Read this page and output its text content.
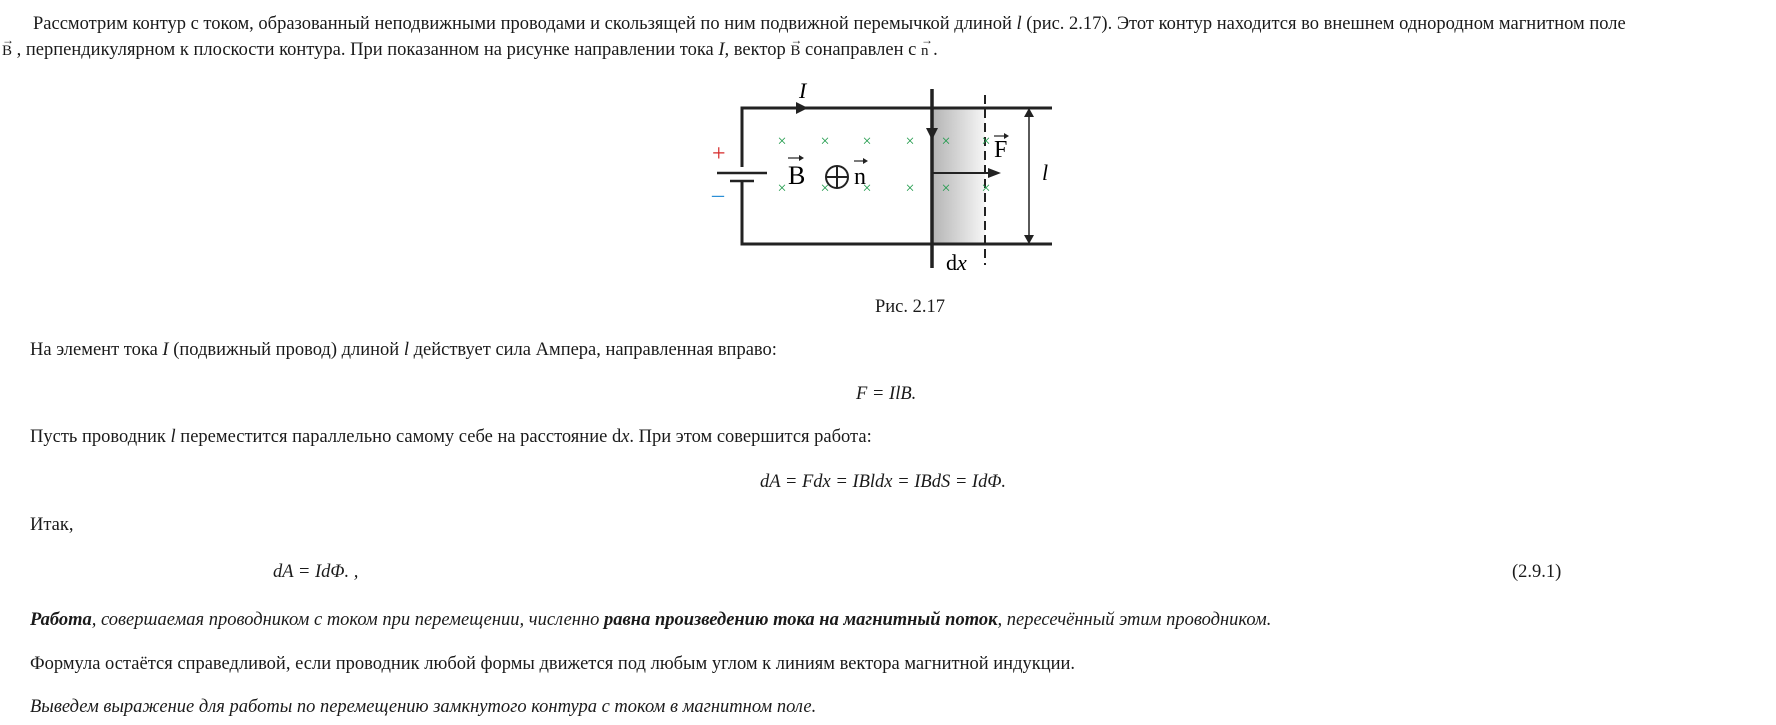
Рассмотрим контур с током, образованный неподвижными проводами и скользящей по ним подвижной перемычкой длиной l (рис. 2.17). Этот контур находится во внешнем однородном магнитном поле
→ B , перпендикулярном к плоскости контура. При показанном на рисунке направлении тока I, вектор → B сонаправлен с → n .
+
–
I
F
l
B n
× × × × × ×
× × × × × ×
dx
Рис. 2.17
На элемент тока I (подвижный провод) длиной l действует сила Ампера, направленная вправо:
F = IlB.
Пусть проводник l переместится параллельно самому себе на расстояние dx. При этом совершится работа:
dA = Fdx = IBldx = IBdS = IdΦ.
Итак,
dA = IdΦ. ,	(2.9.1)
Работа, совершаемая проводником с током при перемещении, численно равна произведению тока на магнитный поток, пересечённый этим проводником.
Формула остаётся справедливой, если проводник любой формы движется под любым углом к линиям вектора магнитной индукции.
Выведем выражение для работы по перемещению замкнутого контура с током в магнитном поле.
